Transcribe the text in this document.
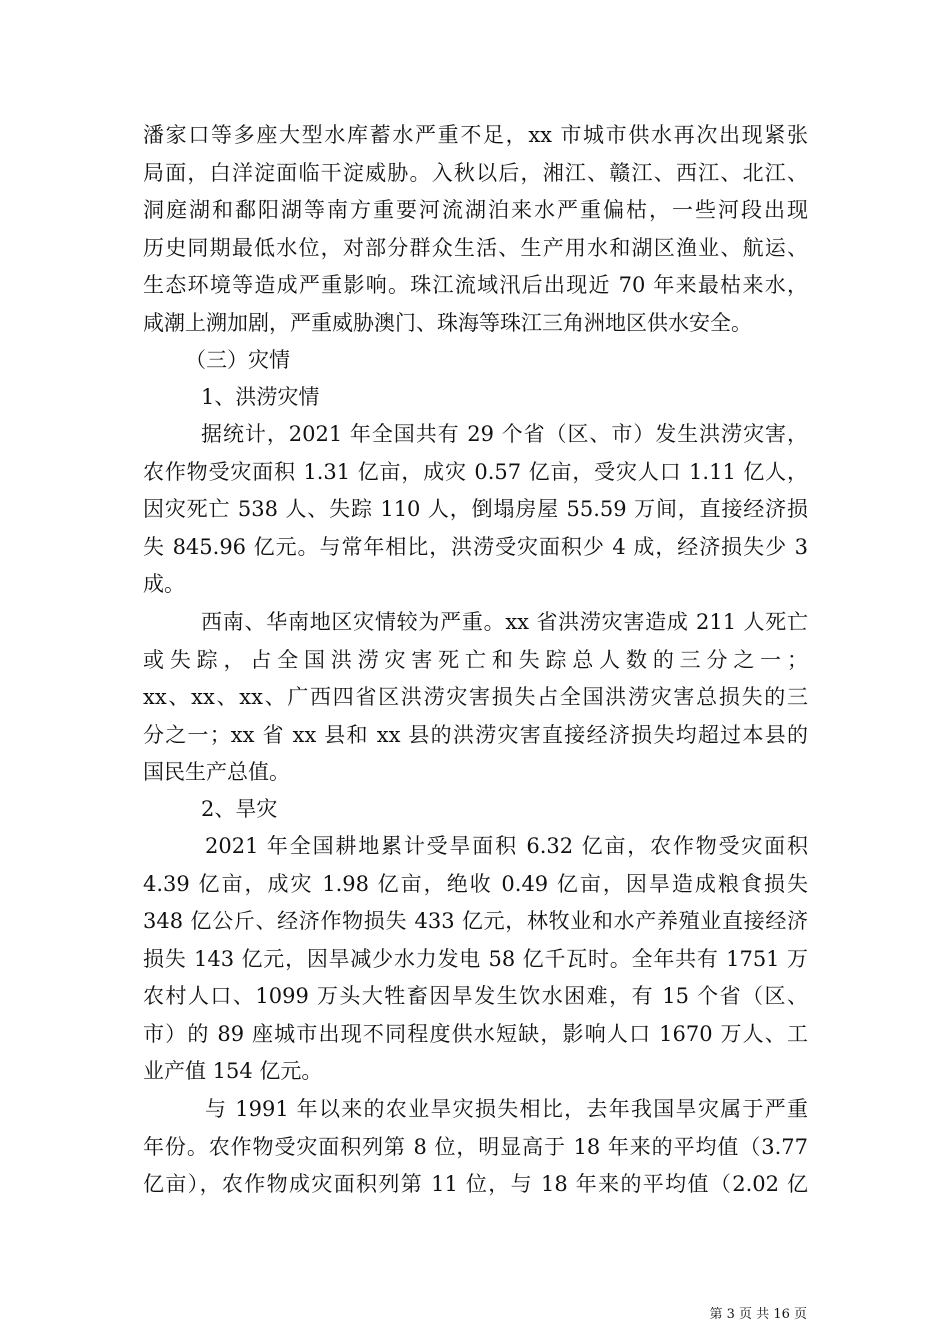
潘家口等多座大型水库蓄水严重不足，xx 市城市供水再次出现紧张
局面，白洋淀面临干淀威胁。入秋以后，湘江、赣江、西江、北江、
洞庭湖和鄱阳湖等南方重要河流湖泊来水严重偏枯，一些河段出现
历史同期最低水位，对部分群众生活、生产用水和湖区渔业、航运、
生态环境等造成严重影响。珠江流域汛后出现近 70 年来最枯来水，
咸潮上溯加剧，严重威胁澳门、珠海等珠江三角洲地区供水安全。

（三）灾情

1、洪涝灾情

据统计，2021 年全国共有 29 个省（区、市）发生洪涝灾害，
农作物受灾面积 1.31 亿亩，成灾 0.57 亿亩，受灾人口 1.11 亿人，
因灾死亡 538 人、失踪 110 人，倒塌房屋 55.59 万间，直接经济损
失 845.96 亿元。与常年相比，洪涝受灾面积少 4 成，经济损失少 3
成。
西南、华南地区灾情较为严重。xx 省洪涝灾害造成 211 人死亡
或失踪，占全国洪涝灾害死亡和失踪总人数的三分之一；
xx、xx、xx、广西四省区洪涝灾害损失占全国洪涝灾害总损失的三
分之一；xx 省 xx 县和 xx 县的洪涝灾害直接经济损失均超过本县的
国民生产总值。

2、旱灾

2021 年全国耕地累计受旱面积 6.32 亿亩，农作物受灾面积
4.39 亿亩，成灾 1.98 亿亩，绝收 0.49 亿亩，因旱造成粮食损失
348 亿公斤、经济作物损失 433 亿元，林牧业和水产养殖业直接经济
损失 143 亿元，因旱减少水力发电 58 亿千瓦时。全年共有 1751 万
农村人口、1099 万头大牲畜因旱发生饮水困难，有 15 个省（区、
市）的 89 座城市出现不同程度供水短缺，影响人口 1670 万人、工
业产值 154 亿元。
与 1991 年以来的农业旱灾损失相比，去年我国旱灾属于严重
年份。农作物受灾面积列第 8 位，明显高于 18 年来的平均值（3.77
亿亩），农作物成灾面积列第 11 位，与 18 年来的平均值（2.02 亿
第 3 页 共 16 页
